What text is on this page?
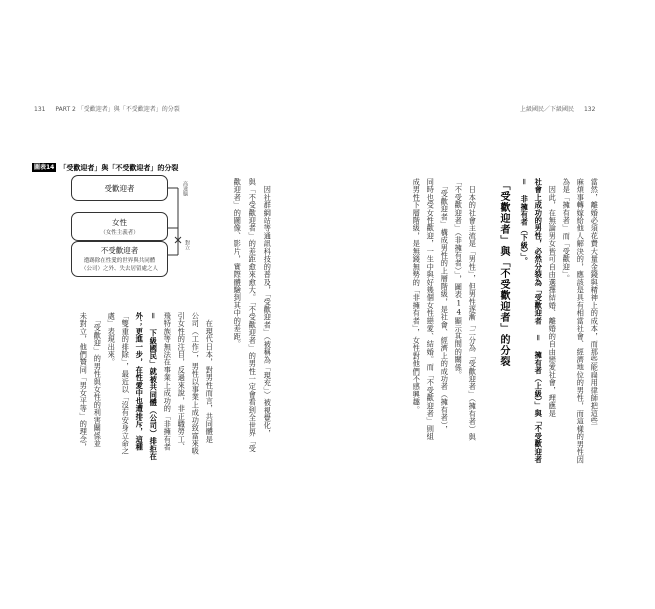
131 PART 2 「受歡迎者」與「不受歡迎者」的分裂	上級國民／下級國民 132
當然，離婚必須花費大量金錢與精神上的成本，而那些能扁用律師把這些
麻煩事轉嫁給他人解決的，應該是具有相當社會、經濟地位的男性，而這樣的男性因
為是「擁有者」而「受歡迎」。
　因此，在無論男女皆可自由選擇結婚、離婚的自由戀愛社會，理應是
社會上成功的男性，必然分裂為「受歡迎者 ＝ 擁有者（上級）」與「不受歡迎者
＝ 非擁有者（下級）」。
「受歡迎者」與「不受歡迎者」的分裂
　日本的社會主流是「男性」，但男性逐漸「二分為「受歡迎者」（擁有者）與
「不受歡迎者」（非擁有者）」，圖表14顯示其間的關係。
　「受歡迎者」構成男性的上層階級，是社會、經濟上的成功者（擁有者），
同時也受女性歡迎，一生中與好幾個女性戀愛、結婚。而「不受歡迎者」則組
成男性下層階級，是無錢無勢的「非擁有者」，女性對他們不感興趣。
　因社群網站等通訊科技的普及，「受歡迎者」（被稱為「現充」）被視覺化，
與「不受歡迎者」的差距愈來愈大。「不受歡迎者」的男性一定會看到全世界「受
歡迎者」的圖像、影片，實際體驗到其中的差距。
圖表14 「受歡迎者」與「不受歡迎者」的分裂
高達腦
對立
受歡迎者
女性
（女性主義者）
不受歡迎者
遭踢除在性愛的世界與共同體
（公司）之外、失去居留處之人
　在現代日本，對男性而言，共同體是
公司（工作），男性以事業上成功致富來吸
引女性的注目，反過來說，非正職勞工、
飛特族等無法在事業上成功的「非擁有者
＝ 下級國民」就被共同體（公司）排拒在
外；更進一步，在性愛中也遭排斥，這種
「雙重的排除」，最近以「沒有安身立命之
處」表現出來。
　「受歡迎」的男性與女性的利害關係並
未對立，他們贊同「男女平等」的理念，
